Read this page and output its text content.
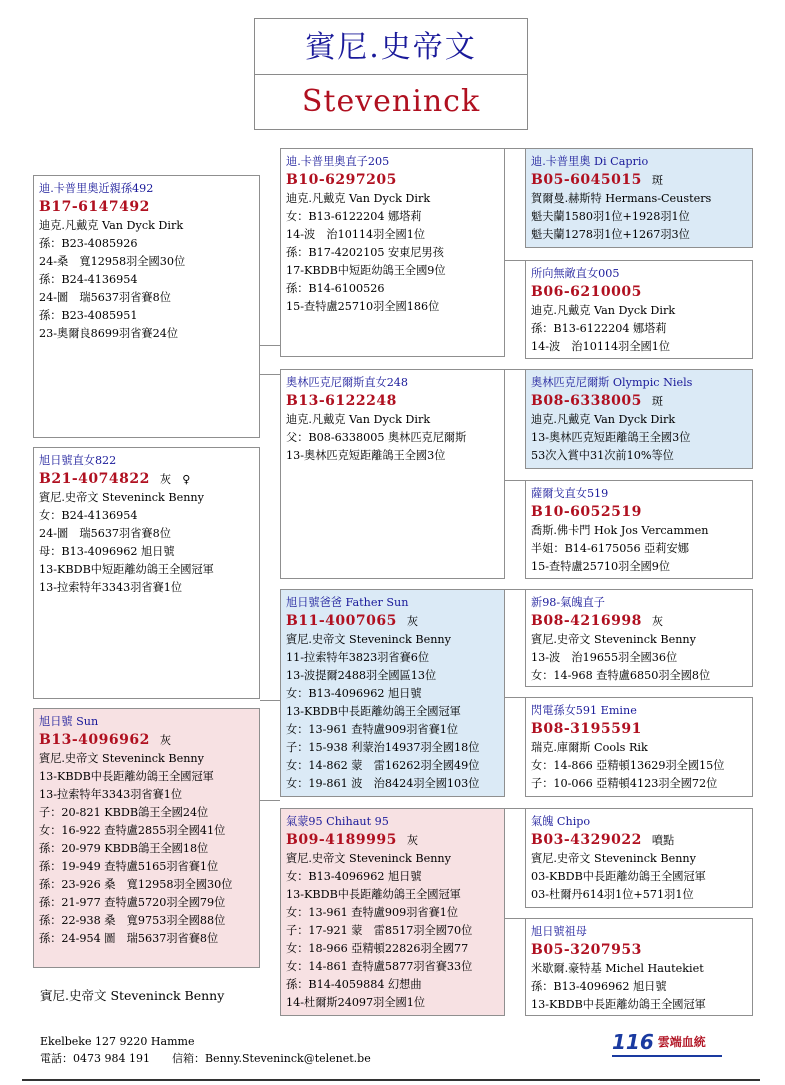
賓尼.史帝文
Steveninck
迪.卡普里奧近親孫492
B17-6147492
迪克.凡戴克 Van Dyck Dirk
孫：B23-4085926
24-桑　寬12958羽全國30位
孫：B24-4136954
24-圖　瑞5637羽省賽8位
孫：B23-4085951
23-奧爾良8699羽省賽24位
旭日號直女822
B21-4074822 灰　♀
賓尼.史帝文 Steveninck Benny
女：B24-4136954
24-圖　瑞5637羽省賽8位
母：B13-4096962 旭日號
13-KBDB中短距離幼鴿王全國冠軍
13-拉索特年3343羽省賽1位
旭日號 Sun
B13-4096962 灰
賓尼.史帝文 Steveninck Benny
13-KBDB中長距離幼鴿王全國冠軍
13-拉索特年3343羽省賽1位
子：20-821 KBDB鴿王全國24位
女：16-922 查特盧2855羽全國41位
孫：20-979 KBDB鴿王全國18位
孫：19-949 查特盧5165羽省賽1位
孫：23-926 桑　寬12958羽全國30位
孫：21-977 查特盧5720羽全國79位
孫：22-938 桑　寬9753羽全國88位
孫：24-954 圖　瑞5637羽省賽8位
迪.卡普里奧直子205
B10-6297205
迪克.凡戴克 Van Dyck Dirk
女：B13-6122204 娜塔莉
14-波　治10114羽全國1位
孫：B17-4202105 安東尼男孩
17-KBDB中短距幼鴿王全國9位
孫：B14-6100526
15-查特盧25710羽全國186位
奧林匹克尼爾斯直女248
B13-6122248
迪克.凡戴克 Van Dyck Dirk
父：B08-6338005 奧林匹克尼爾斯
13-奧林匹克短距離鴿王全國3位
旭日號爸爸 Father Sun
B11-4007065 灰
賓尼.史帝文 Steveninck Benny
11-拉索特年3823羽省賽6位
13-波提爾2488羽全國區13位
女：B13-4096962 旭日號
13-KBDB中長距離幼鴿王全國冠軍
女：13-961 查特盧909羽省賽1位
子：15-938 利蒙治14937羽全國18位
女：14-862 蒙　雷16262羽全國49位
女：19-861 波　治8424羽全國103位
氣蒙95 Chihaut 95
B09-4189995 灰
賓尼.史帝文 Steveninck Benny
女：B13-4096962 旭日號
13-KBDB中長距離幼鴿王全國冠軍
女：13-961 查特盧909羽省賽1位
子：17-921 蒙　雷8517羽全國70位
女：18-966 亞精頓22826羽全國77
女：14-861 查特盧5877羽省賽33位
孫：B14-4059884 幻想曲
14-杜爾斯24097羽全國1位
迪.卡普里奧 Di Caprio
B05-6045015 斑
賀爾曼.赫斯特 Hermans-Ceusters
魁夫蘭1580羽1位+1928羽1位
魁夫蘭1278羽1位+1267羽3位
所向無敵直女005
B06-6210005
迪克.凡戴克 Van Dyck Dirk
孫：B13-6122204 娜塔莉
14-波　治10114羽全國1位
奧林匹克尼爾斯 Olympic Niels
B08-6338005 斑
迪克.凡戴克 Van Dyck Dirk
13-奧林匹克短距離鴿王全國3位
53次入賞中31次前10%等位
薩爾戈直女519
B10-6052519
喬斯.佛卡門 Hok Jos Vercammen
半姐：B14-6175056 亞莉安娜
15-查特盧25710羽全國9位
新98-氣魄直子
B08-4216998 灰
賓尼.史帝文 Steveninck Benny
13-波　治19655羽全國36位
女：14-968 查特盧6850羽全國8位
閃電孫女591 Emine
B08-3195591
瑞克.庫爾斯 Cools Rik
女：14-866 亞精頓13629羽全國15位
子：10-066 亞精頓4123羽全國72位
氣魄 Chipo
B03-4329022 噴點
賓尼.史帝文 Steveninck Benny
03-KBDB中長距離幼鴿王全國冠軍
03-杜爾丹614羽1位+571羽1位
旭日號祖母
B05-3207953
米歇爾.豪特基 Michel Hautekiet
孫：B13-4096962 旭日號
13-KBDB中長距離幼鴿王全國冠軍
賓尼.史帝文 Steveninck Benny
Ekelbeke 127 9220 Hamme
電話：0473 984 191　　信箱：Benny.Steveninck@telenet.be
116 雲端血統
